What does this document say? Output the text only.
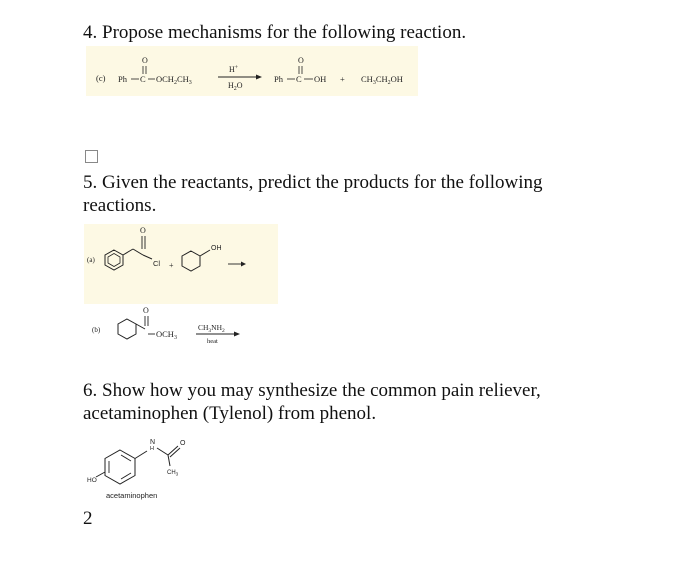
4. Propose mechanisms for the following reaction.

(c)
O
Ph C $OCH_2CH_3$
H+
$H_2O$
O
Ph C OH + $CH_3CH_2OH$

5. Given the reactants, predict the products for the following

reactions.

(a)
O
Cl +
OH
(b)
O
$OCH_3$
$CH_3NH_2$
heat

6. Show how you may synthesize the common pain reliever,

acetaminophen (Tylenol) from phenol.

HO
N
H
O
$CH_3$
acetaminophen
2
